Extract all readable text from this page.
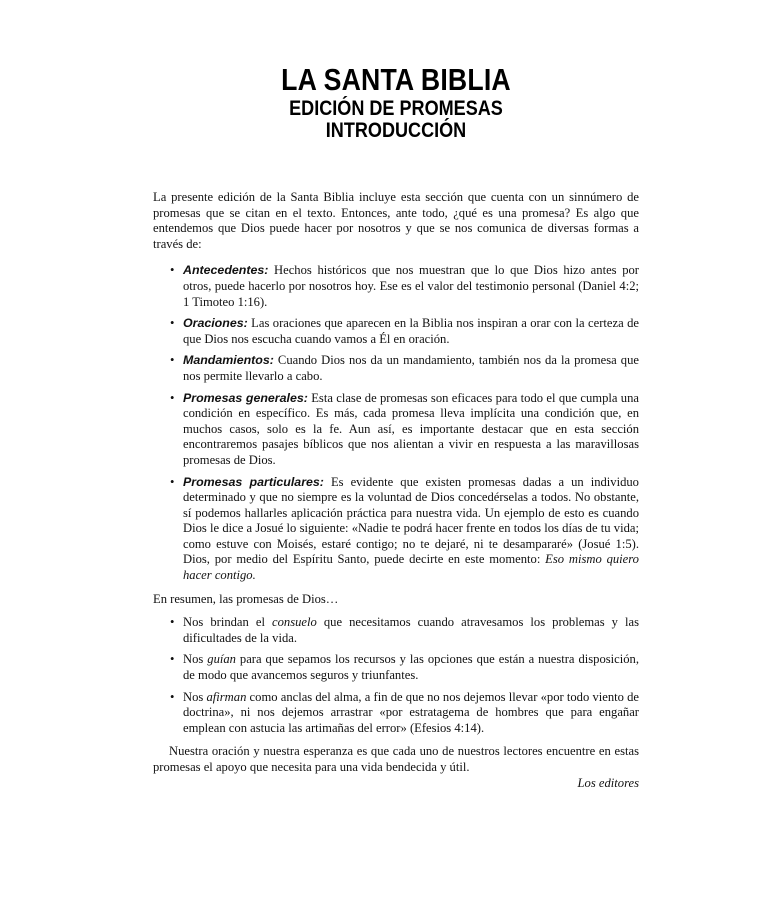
LA SANTA BIBLIA
EDICIÓN DE PROMESAS
INTRODUCCIÓN

La presente edición de la Santa Biblia incluye esta sección que cuenta con un sinnúmero de promesas que se citan en el texto. Entonces, ante todo, ¿qué es una promesa? Es algo que entendemos que Dios puede hacer por nosotros y que se nos comunica de diversas formas a través de:

• Antecedentes: Hechos históricos que nos muestran que lo que Dios hizo antes por otros, puede hacerlo por nosotros hoy. Ese es el valor del testimonio personal (Daniel 4:2; 1 Timoteo 1:16).
• Oraciones: Las oraciones que aparecen en la Biblia nos inspiran a orar con la certeza de que Dios nos escucha cuando vamos a Él en oración.
• Mandamientos: Cuando Dios nos da un mandamiento, también nos da la promesa que nos permite llevarlo a cabo.
• Promesas generales: Esta clase de promesas son eficaces para todo el que cumpla una condición en específico. Es más, cada promesa lleva implícita una condición que, en muchos casos, solo es la fe. Aun así, es importante destacar que en esta sección encontraremos pasajes bíblicos que nos alientan a vivir en respuesta a las maravillosas promesas de Dios.
• Promesas particulares: Es evidente que existen promesas dadas a un individuo determinado y que no siempre es la voluntad de Dios concedérselas a todos. No obstante, sí podemos hallarles aplicación práctica para nuestra vida. Un ejemplo de esto es cuando Dios le dice a Josué lo siguiente: «Nadie te podrá hacer frente en todos los días de tu vida; como estuve con Moisés, estaré contigo; no te dejaré, ni te desampararé» (Josué 1:5). Dios, por medio del Espíritu Santo, puede decirte en este momento: Eso mismo quiero hacer contigo.

En resumen, las promesas de Dios…

• Nos brindan el consuelo que necesitamos cuando atravesamos los problemas y las dificultades de la vida.
• Nos guían para que sepamos los recursos y las opciones que están a nuestra disposición, de modo que avancemos seguros y triunfantes.
• Nos afirman como anclas del alma, a fin de que no nos dejemos llevar «por todo viento de doctrina», ni nos dejemos arrastrar «por estratagema de hombres que para engañar emplean con astucia las artimañas del error» (Efesios 4:14).

Nuestra oración y nuestra esperanza es que cada uno de nuestros lectores encuentre en estas promesas el apoyo que necesita para una vida bendecida y útil.

Los editores
